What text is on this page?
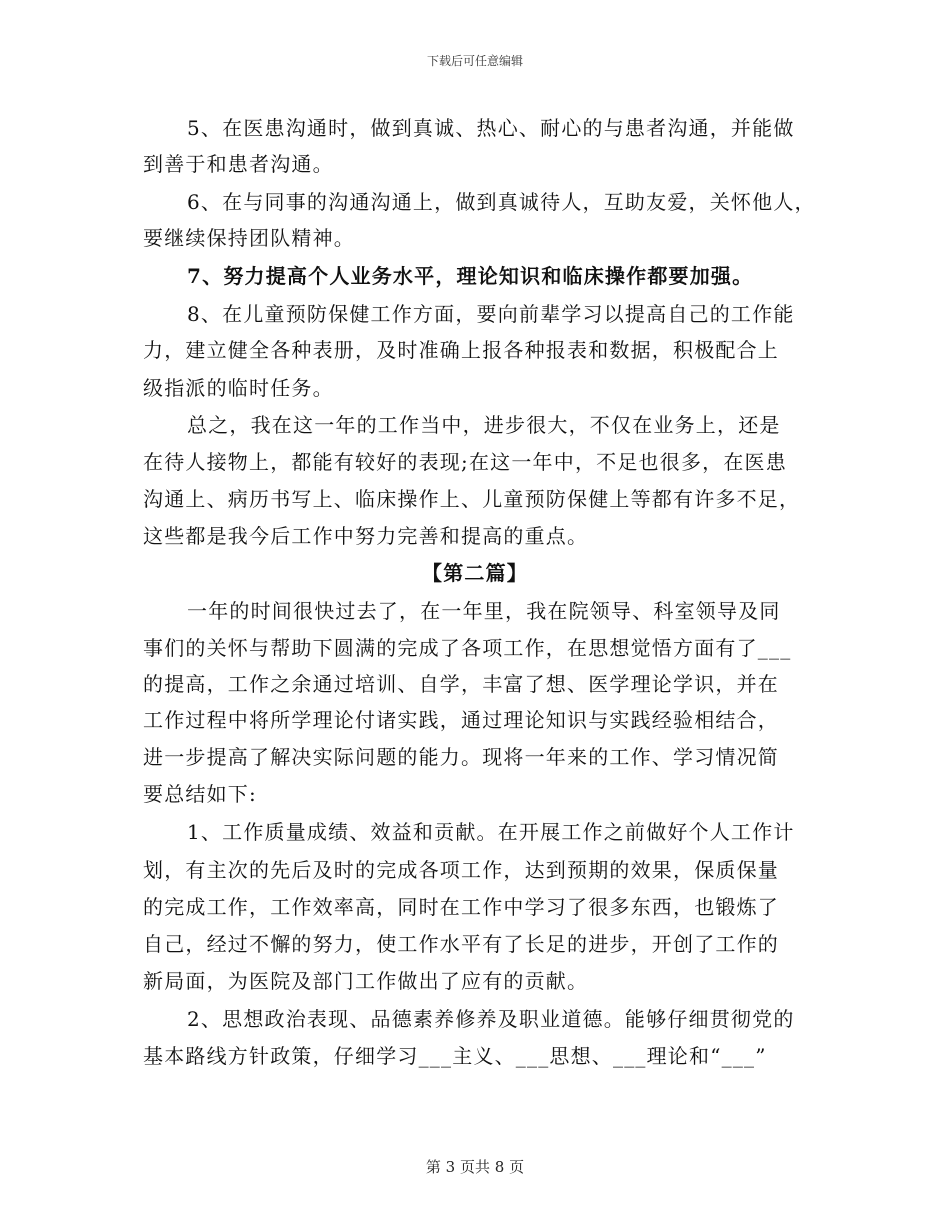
下载后可任意编辑
5、在医患沟通时，做到真诚、热心、耐心的与患者沟通，并能做
到善于和患者沟通。
6、在与同事的沟通沟通上，做到真诚待人，互助友爱，关怀他人，
要继续保持团队精神。
7、努力提高个人业务水平，理论知识和临床操作都要加强。
8、在儿童预防保健工作方面，要向前辈学习以提高自己的工作能
力，建立健全各种表册，及时准确上报各种报表和数据，积极配合上
级指派的临时任务。
总之，我在这一年的工作当中，进步很大，不仅在业务上，还是
在待人接物上，都能有较好的表现;在这一年中，不足也很多，在医患
沟通上、病历书写上、临床操作上、儿童预防保健上等都有许多不足，
这些都是我今后工作中努力完善和提高的重点。
【第二篇】
一年的时间很快过去了，在一年里，我在院领导、科室领导及同
事们的关怀与帮助下圆满的完成了各项工作，在思想觉悟方面有了___
的提高，工作之余通过培训、自学，丰富了想、医学理论学识，并在
工作过程中将所学理论付诸实践，通过理论知识与实践经验相结合，
进一步提高了解决实际问题的能力。现将一年来的工作、学习情况简
要总结如下:
1、工作质量成绩、效益和贡献。在开展工作之前做好个人工作计
划，有主次的先后及时的完成各项工作，达到预期的效果，保质保量
的完成工作，工作效率高，同时在工作中学习了很多东西，也锻炼了
自己，经过不懈的努力，使工作水平有了长足的进步，开创了工作的
新局面，为医院及部门工作做出了应有的贡献。
2、思想政治表现、品德素养修养及职业道德。能够仔细贯彻党的
基本路线方针政策，仔细学习___主义、___思想、___理论和“___”
第 3 页共 8 页
